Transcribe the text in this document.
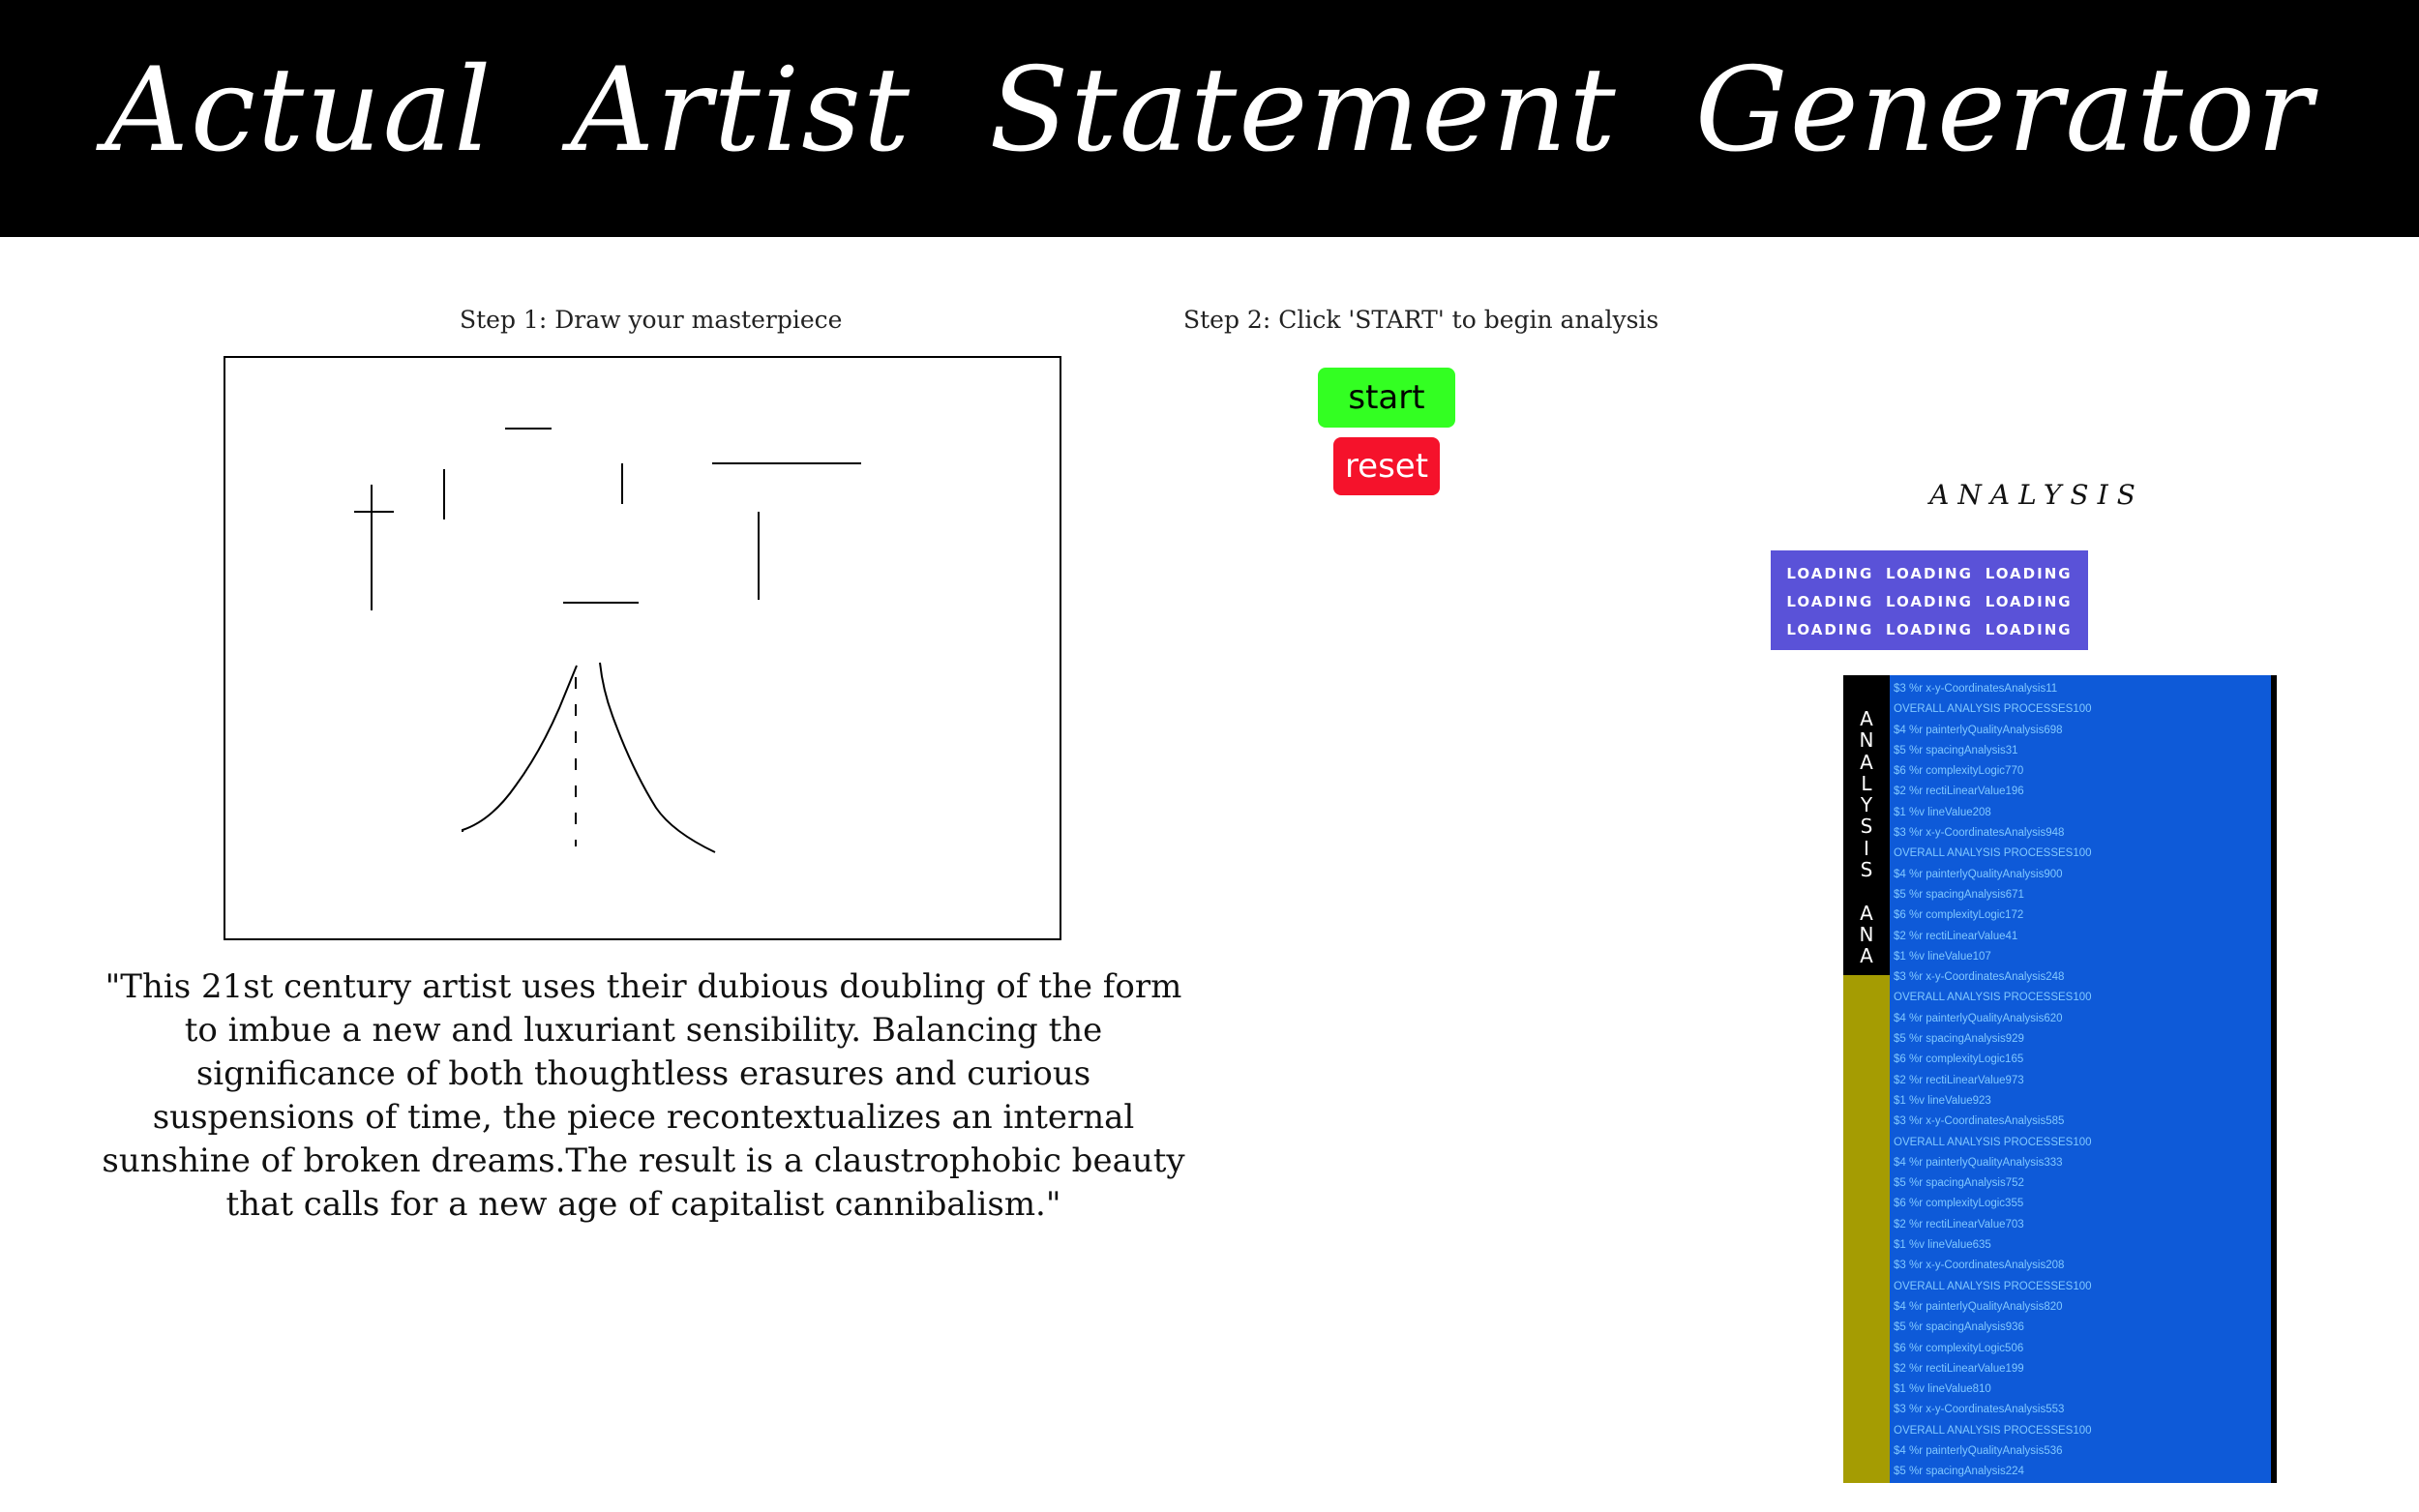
Actual Artist Statement Generator
Step 1: Draw your masterpiece	Step 2: Click 'START' to begin analysis
start
reset
"This 21st century artist uses their dubious doubling of the form to imbue a new and luxuriant sensibility. Balancing the significance of both thoughtless erasures and curious suspensions of time, the piece recontextualizes an internal sunshine of broken dreams.The result is a claustrophobic beauty that calls for a new age of capitalist cannibalism."
ANALYSIS
LOADING LOADING LOADING
LOADING LOADING LOADING
LOADING LOADING LOADING
A
N
A
L
Y
S
I
S

A
N
A
$3 %r x-y-CoordinatesAnalysis11
OVERALL ANALYSIS PROCESSES100
$4 %r painterlyQualityAnalysis698
$5 %r spacingAnalysis31
$6 %r complexityLogic770
$2 %r rectiLinearValue196
$1 %v lineValue208
$3 %r x-y-CoordinatesAnalysis948
OVERALL ANALYSIS PROCESSES100
$4 %r painterlyQualityAnalysis900
$5 %r spacingAnalysis671
$6 %r complexityLogic172
$2 %r rectiLinearValue41
$1 %v lineValue107
$3 %r x-y-CoordinatesAnalysis248
OVERALL ANALYSIS PROCESSES100
$4 %r painterlyQualityAnalysis620
$5 %r spacingAnalysis929
$6 %r complexityLogic165
$2 %r rectiLinearValue973
$1 %v lineValue923
$3 %r x-y-CoordinatesAnalysis585
OVERALL ANALYSIS PROCESSES100
$4 %r painterlyQualityAnalysis333
$5 %r spacingAnalysis752
$6 %r complexityLogic355
$2 %r rectiLinearValue703
$1 %v lineValue635
$3 %r x-y-CoordinatesAnalysis208
OVERALL ANALYSIS PROCESSES100
$4 %r painterlyQualityAnalysis820
$5 %r spacingAnalysis936
$6 %r complexityLogic506
$2 %r rectiLinearValue199
$1 %v lineValue810
$3 %r x-y-CoordinatesAnalysis553
OVERALL ANALYSIS PROCESSES100
$4 %r painterlyQualityAnalysis536
$5 %r spacingAnalysis224
